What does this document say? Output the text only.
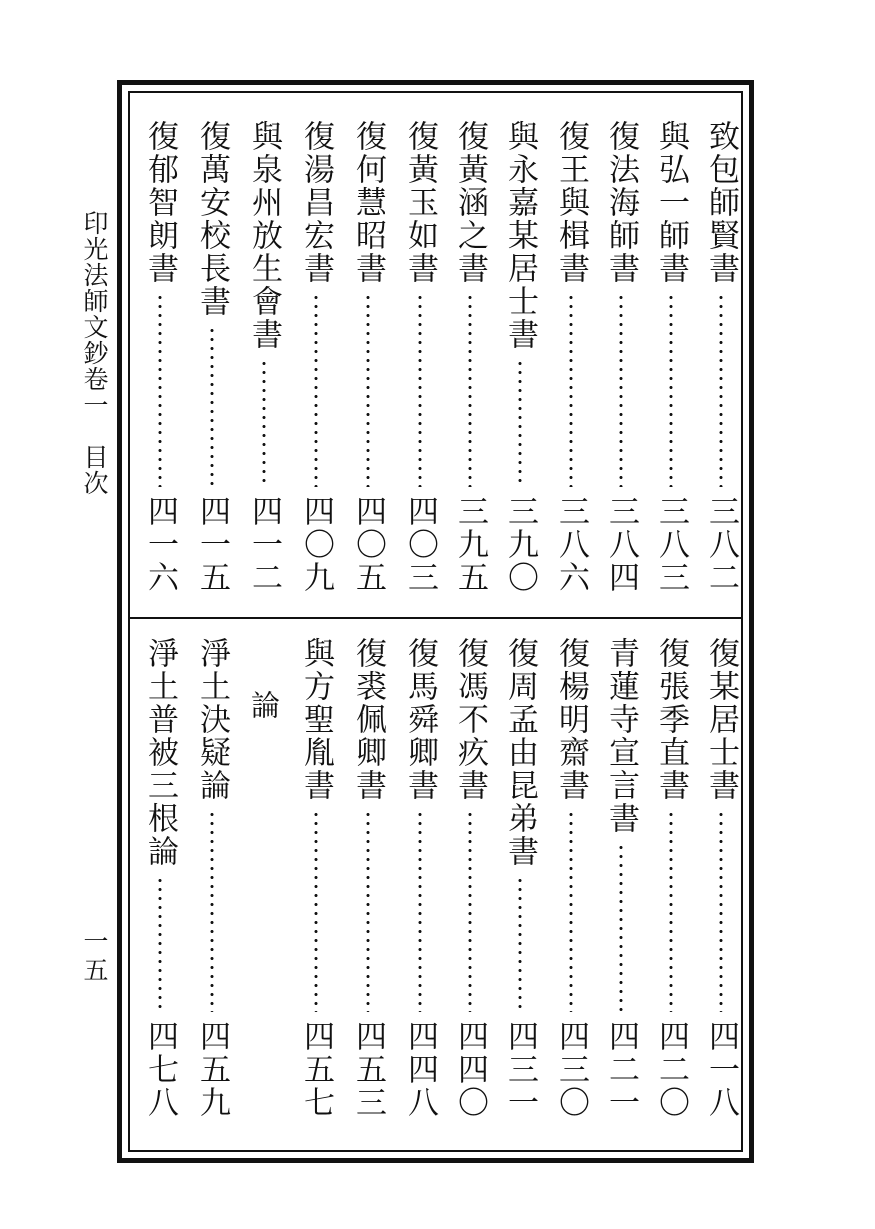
印光法師文鈔卷一　目次
一五
致包師賢書
三八二
與弘一師書
三八三
復法海師書
三八四
復王與楫書
三八六
與永嘉某居士書
三九〇
復黃涵之書
三九五
復黃玉如書
四〇三
復何慧昭書
四〇五
復湯昌宏書
四〇九
與泉州放生會書
四一二
復萬安校長書
四一五
復郁智朗書
四一六
復某居士書
四一八
復張季直書
四二〇
青蓮寺宣言書
四二一
復楊明齋書
四三〇
復周孟由昆弟書
四三一
復馮不疚書
四四〇
復馬舜卿書
四四八
復裘佩卿書
四五三
與方聖胤書
四五七
論
淨土決疑論
四五九
淨土普被三根論
四七八
